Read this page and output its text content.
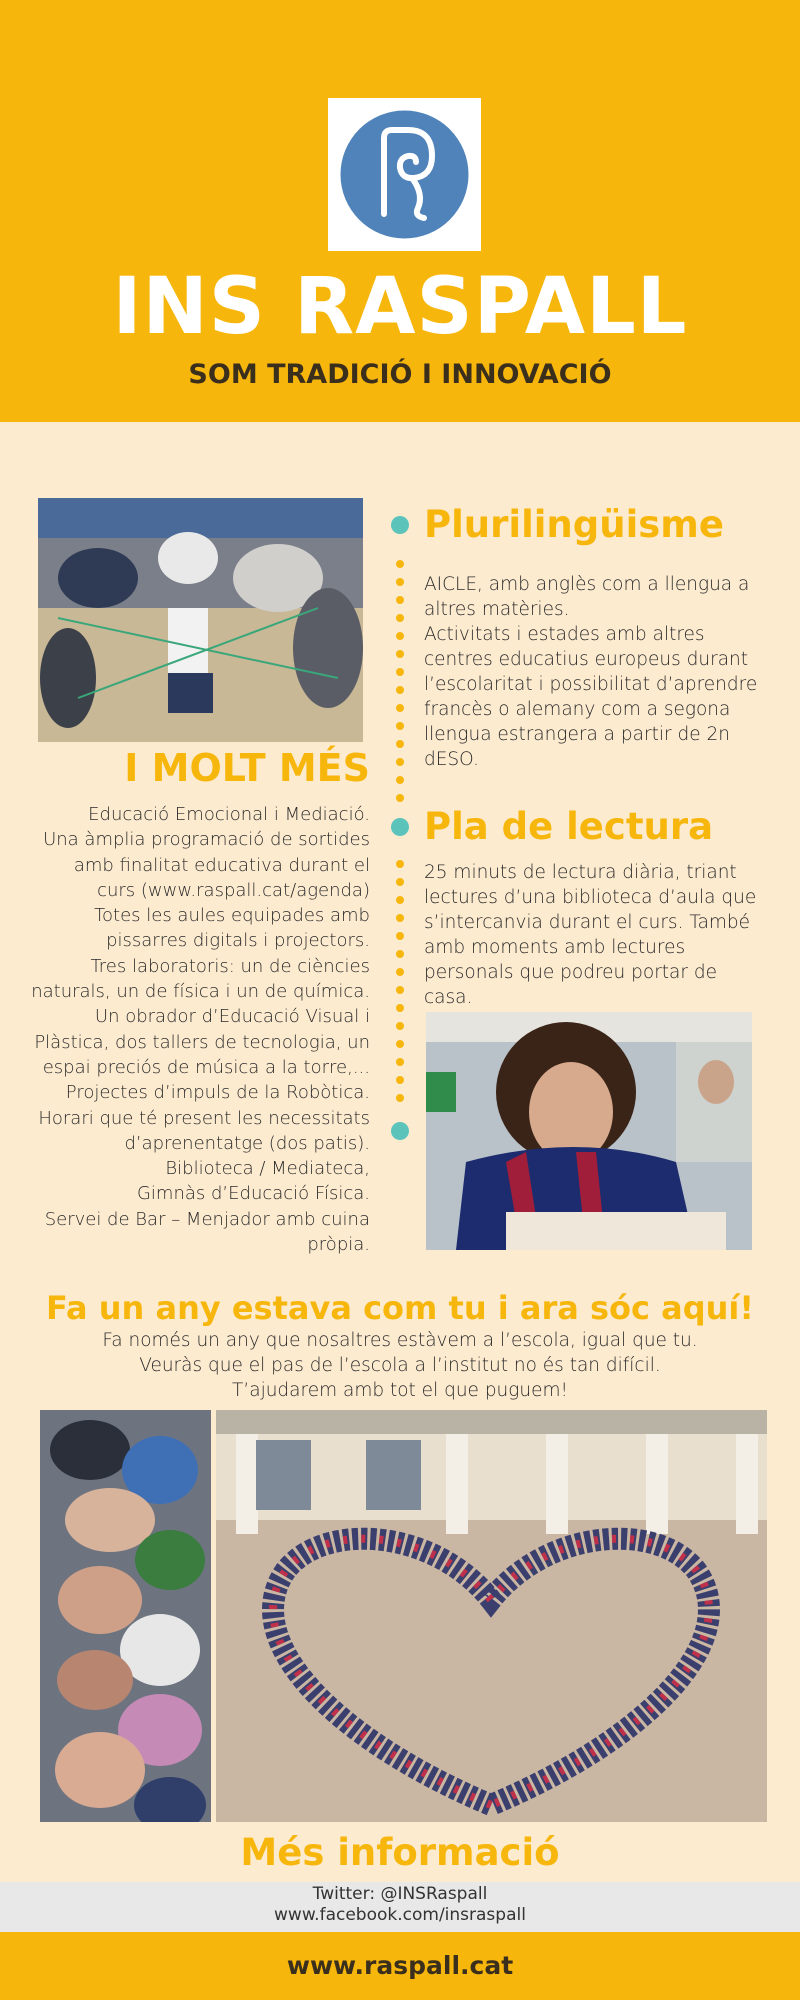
INS RASPALL
SOM TRADICIÓ I INNOVACIÓ
I MOLT MÉS
Educació Emocional i Mediació.
Una àmplia programació de sortides
amb finalitat educativa durant el
curs (www.raspall.cat/agenda)
Totes les aules equipades amb
pissarres digitals i projectors.
Tres laboratoris: un de ciències
naturals, un de física i un de química.
Un obrador d’Educació Visual i
Plàstica, dos tallers de tecnologia, un
espai preciós de música a la torre,...
Projectes d’impuls de la Robòtica.
Horari que té present les necessitats
d’aprenentatge (dos patis).
Biblioteca / Mediateca,
Gimnàs d’Educació Física.
Servei de Bar – Menjador amb cuina
pròpia.
Plurilingüisme
AICLE, amb anglès com a llengua a
altres matèries.
Activitats i estades amb altres
centres educatius europeus durant
l’escolaritat i possibilitat d’aprendre
francès o alemany com a segona
llengua estrangera a partir de 2n
dESO.
Pla de lectura
25 minuts de lectura diària, triant
lectures d’una biblioteca d’aula que
s’intercanvia durant el curs. També
amb moments amb lectures
personals que podreu portar de
casa.
Fa un any estava com tu i ara sóc aquí!
Fa només un any que nosaltres estàvem a l’escola, igual que tu.
Veuràs que el pas de l’escola a l’institut no és tan difícil.
T’ajudarem amb tot el que puguem!
Més informació
Twitter: @INSRaspall
www.facebook.com/insraspall
www.raspall.cat
